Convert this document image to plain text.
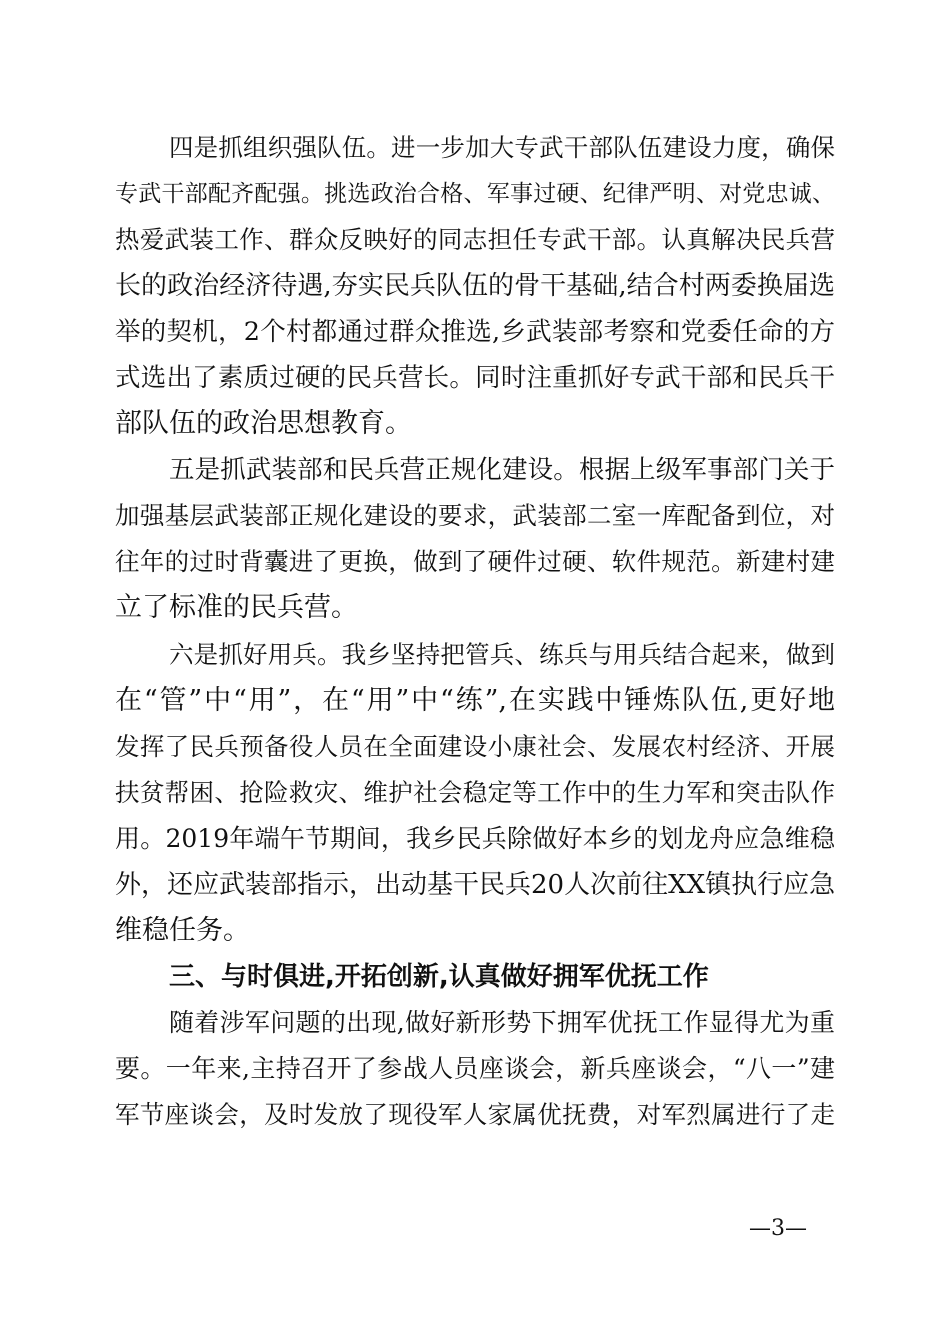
四是抓组织强队伍。进一步加大专武干部队伍建设力度，确保
专武干部配齐配强。挑选政治合格、军事过硬、纪律严明、对党忠诚、
热爱武装工作、群众反映好的同志担任专武干部。认真解决民兵营
长的政治经济待遇,夯实民兵队伍的骨干基础,结合村两委换届选
举的契机，2个村都通过群众推选,乡武装部考察和党委任命的方
式选出了素质过硬的民兵营长。同时注重抓好专武干部和民兵干
部队伍的政治思想教育。
五是抓武装部和民兵营正规化建设。根据上级军事部门关于
加强基层武装部正规化建设的要求，武装部二室一库配备到位，对
往年的过时背囊进了更换，做到了硬件过硬、软件规范。新建村建
立了标准的民兵营。
六是抓好用兵。我乡坚持把管兵、练兵与用兵结合起来，做到
在“管”中“用”，在“用”中“练”,在实践中锤炼队伍,更好地
发挥了民兵预备役人员在全面建设小康社会、发展农村经济、开展
扶贫帮困、抢险救灾、维护社会稳定等工作中的生力军和突击队作
用。2019年端午节期间，我乡民兵除做好本乡的划龙舟应急维稳
外，还应武装部指示，出动基干民兵20人次前往XX镇执行应急
维稳任务。
三、与时俱进,开拓创新,认真做好拥军优抚工作
随着涉军问题的出现,做好新形势下拥军优抚工作显得尤为重
要。一年来,主持召开了参战人员座谈会，新兵座谈会，“八一”建
军节座谈会，及时发放了现役军人家属优抚费，对军烈属进行了走
—3—
